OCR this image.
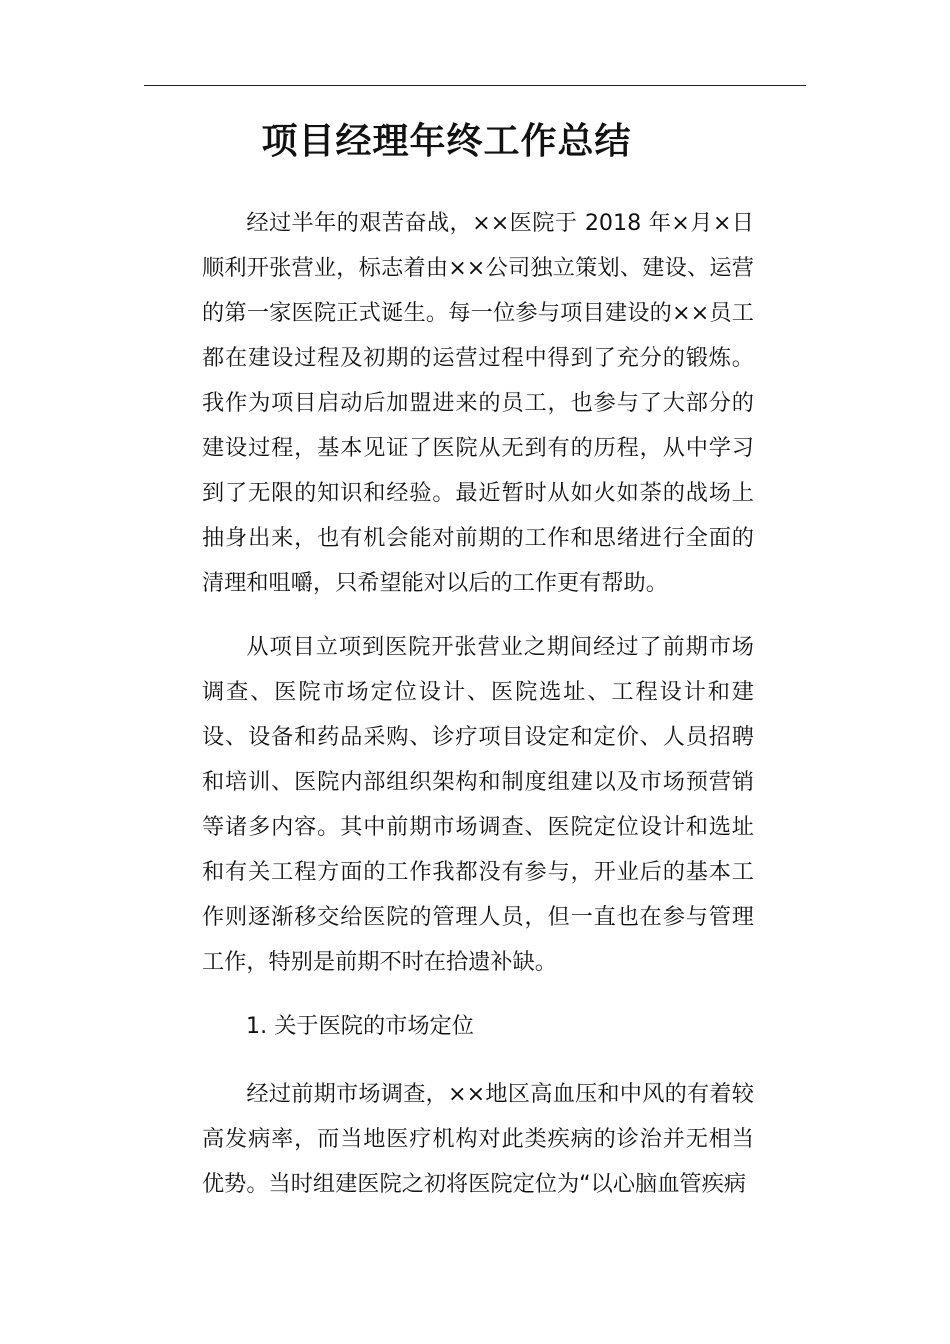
项目经理年终工作总结

经过半年的艰苦奋战，××医院于 2018 年×月×日顺利开张营业，标志着由××公司独立策划、建设、运营的第一家医院正式诞生。每一位参与项目建设的××员工都在建设过程及初期的运营过程中得到了充分的锻炼。我作为项目启动后加盟进来的员工，也参与了大部分的建设过程，基本见证了医院从无到有的历程，从中学习到了无限的知识和经验。最近暂时从如火如荼的战场上抽身出来，也有机会能对前期的工作和思绪进行全面的清理和咀嚼，只希望能对以后的工作更有帮助。

从项目立项到医院开张营业之期间经过了前期市场调查、医院市场定位设计、医院选址、工程设计和建设、设备和药品采购、诊疗项目设定和定价、人员招聘和培训、医院内部组织架构和制度组建以及市场预营销等诸多内容。其中前期市场调查、医院定位设计和选址和有关工程方面的工作我都没有参与，开业后的基本工作则逐渐移交给医院的管理人员，但一直也在参与管理工作，特别是前期不时在拾遗补缺。

1. 关于医院的市场定位

经过前期市场调查，××地区高血压和中风的有着较高发病率，而当地医疗机构对此类疾病的诊治并无相当优势。当时组建医院之初将医院定位为“以心脑血管疾病
